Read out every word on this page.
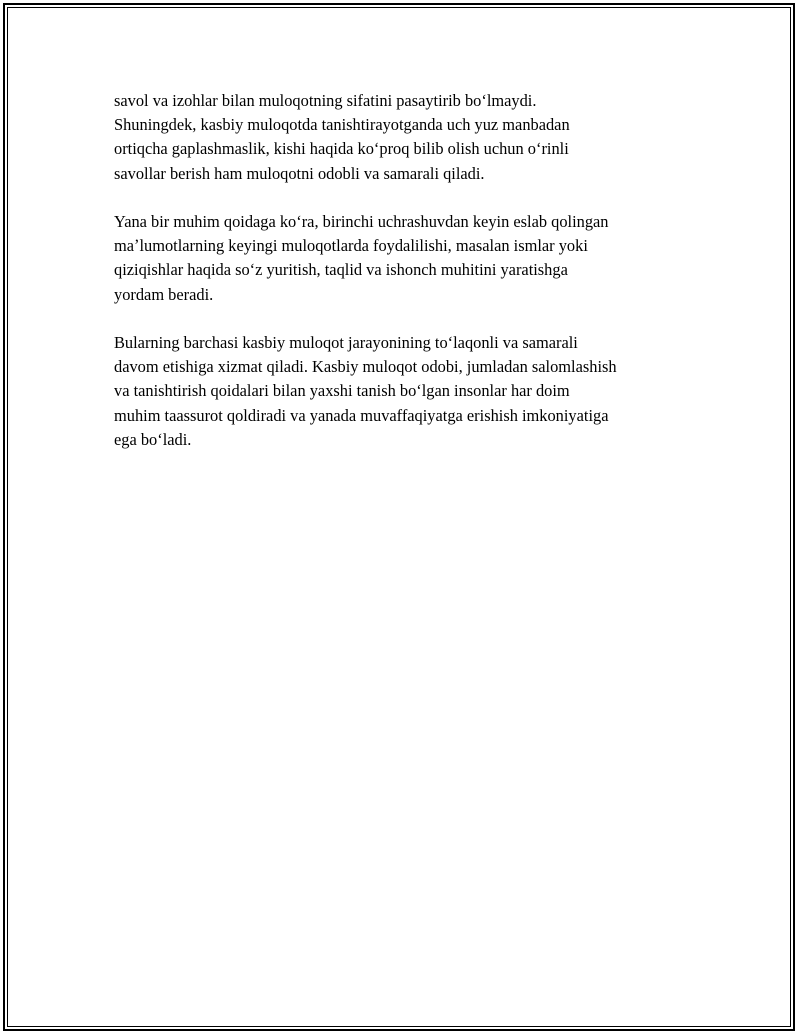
savol va izohlar bilan muloqotning sifatini pasaytirib boʻlmaydi.
Shuningdek, kasbiy muloqotda tanishtirayotganda uch yuz manbadan
ortiqcha gaplashmaslik, kishi haqida koʻproq bilib olish uchun oʻrinli
savollar berish ham muloqotni odobli va samarali qiladi.

Yana bir muhim qoidaga koʻra, birinchi uchrashuvdan keyin eslab qolingan
maʼlumotlarning keyingi muloqotlarda foydalilishi, masalan ismlar yoki
qiziqishlar haqida soʻz yuritish, taqlid va ishonch muhitini yaratishga
yordam beradi.

Bularning barchasi kasbiy muloqot jarayonining toʻlaqonli va samarali
davom etishiga xizmat qiladi. Kasbiy muloqot odobi, jumladan salomlashish
va tanishtirish qoidalari bilan yaxshi tanish boʻlgan insonlar har doim
muhim taassurot qoldiradi va yanada muvaffaqiyatga erishish imkoniyatiga
ega boʻladi.
